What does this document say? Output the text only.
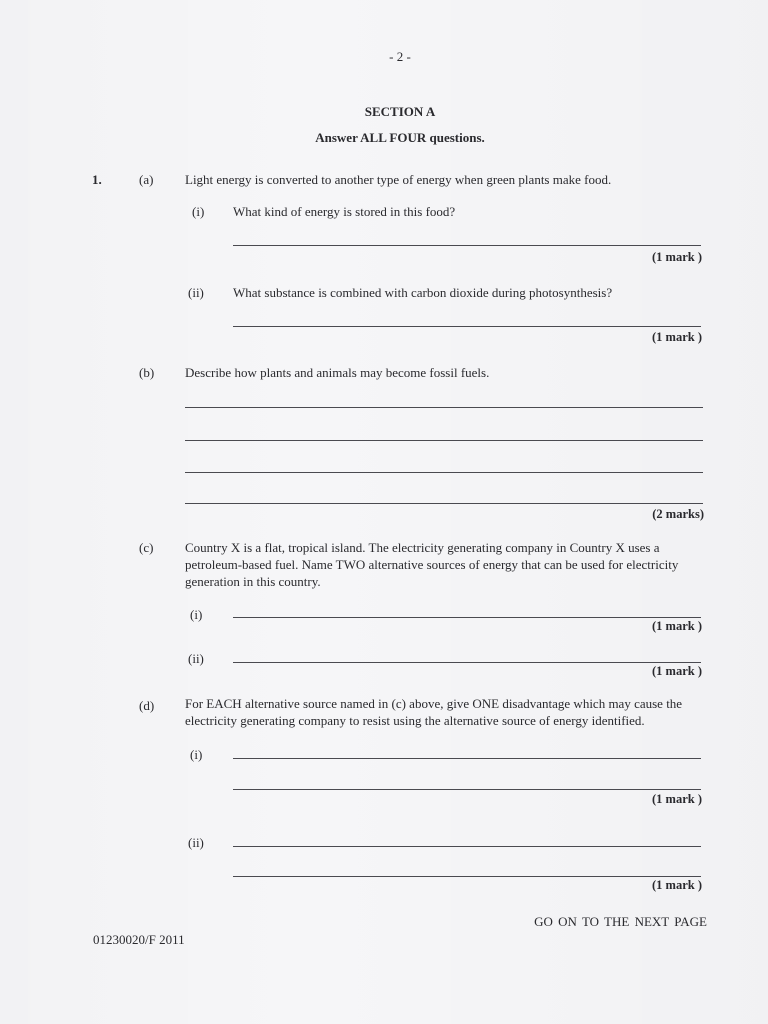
- 2 -
SECTION A
Answer ALL FOUR questions.
1.	(a) Light energy is converted to another type of energy when green plants make food.
(i) What kind of energy is stored in this food?
(1 mark )
(ii) What substance is combined with carbon dioxide during photosynthesis?
(1 mark )
(b) Describe how plants and animals may become fossil fuels.
(2 marks)
(c) Country X is a flat, tropical island. The electricity generating company in Country X uses a petroleum-based fuel. Name TWO alternative sources of energy that can be used for electricity generation in this country.
(i)
(1 mark )
(ii)
(1 mark )
(d) For EACH alternative source named in (c) above, give ONE disadvantage which may cause the electricity generating company to resist using the alternative source of energy identified.
(i)
(1 mark )
(ii)
(1 mark )
GO ON TO THE NEXT PAGE
01230020/F 2011
